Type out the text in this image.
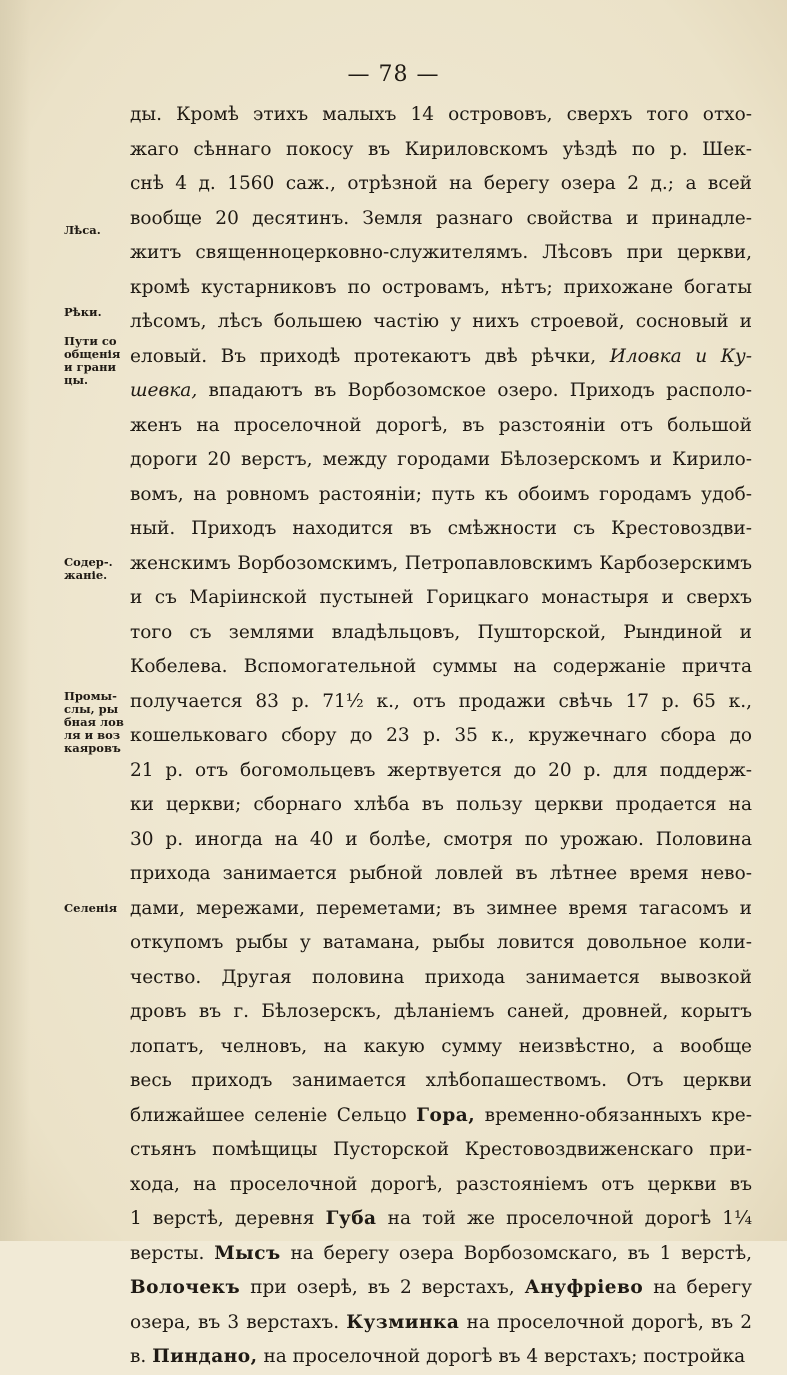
— 78 —
Лѣса.
Рѣки.
Пути со
общенія
и грани
цы.
Содер-.
жаніе.
Промы-
слы, ры
бная лов
ля и воз
каяровъ
Селенія
ды. Кромѣ этихъ малыхъ 14 острововъ, сверхъ того отхо-
жаго сѣннаго покосу въ Кириловскомъ уѣздѣ по р. Шек-
снѣ 4 д. 1560 саж., отрѣзной на берегу озера 2 д.; а всей
вообще 20 десятинъ. Земля разнаго свойства и принадле-
житъ священноцерковно-служителямъ. Лѣсовъ при церкви,
кромѣ кустарниковъ по островамъ, нѣтъ; прихожане богаты
лѣсомъ, лѣсъ большею частію у нихъ строевой, сосновый и
еловый. Въ приходѣ протекаютъ двѣ рѣчки, Иловка и Ку-
шевка, впадаютъ въ Ворбозомское озеро. Приходъ располо-
женъ на проселочной дорогѣ, въ разстояніи отъ большой
дороги 20 верстъ, между городами Бѣлозерскомъ и Кирило-
вомъ, на ровномъ растояніи; путь къ обоимъ городамъ удоб-
ный. Приходъ находится въ смѣжности съ Крестовоздви-
женскимъ Ворбозомскимъ, Петропавловскимъ Карбозерскимъ
и съ Маріинской пустыней Горицкаго монастыря и сверхъ
того съ землями владѣльцовъ, Пушторской, Рындиной и
Кобелева. Вспомогательной суммы на содержаніе причта
получается 83 р. 71½ к., отъ продажи свѣчь 17 р. 65 к.,
кошельковаго сбору до 23 р. 35 к., кружечнаго сбора до
21 р. отъ богомольцевъ жертвуется до 20 р. для поддерж-
ки церкви; сборнаго хлѣба въ пользу церкви продается на
30 р. иногда на 40 и болѣе, смотря по урожаю. Половина
прихода занимается рыбной ловлей въ лѣтнее время нево-
дами, мережами, переметами; въ зимнее время тагасомъ и
откупомъ рыбы у ватамана, рыбы ловится довольное коли-
чество. Другая половина прихода занимается вывозкой
дровъ въ г. Бѣлозерскъ, дѣланіемъ саней, дровней, корытъ
лопатъ, челновъ, на какую сумму неизвѣстно, а вообще
весь приходъ занимается хлѣбопашествомъ. Отъ церкви
ближайшее селеніе Сельцо Гора, временно-обязанныхъ кре-
стьянъ помѣщицы Пусторской Крестовоздвиженскаго при-
хода, на проселочной дорогѣ, разстояніемъ отъ церкви въ
1 верстѣ, деревня Губа на той же проселочной дорогѣ 1¼
версты. Мысъ на берегу озера Ворбозомскаго, въ 1 верстѣ,
Волочекъ при озерѣ, въ 2 верстахъ, Ануфріево на берегу
озера, въ 3 верстахъ. Кузминка на проселочной дорогѣ, въ 2
в. Пиндано, на проселочной дорогѣ въ 4 верстахъ; постройка
